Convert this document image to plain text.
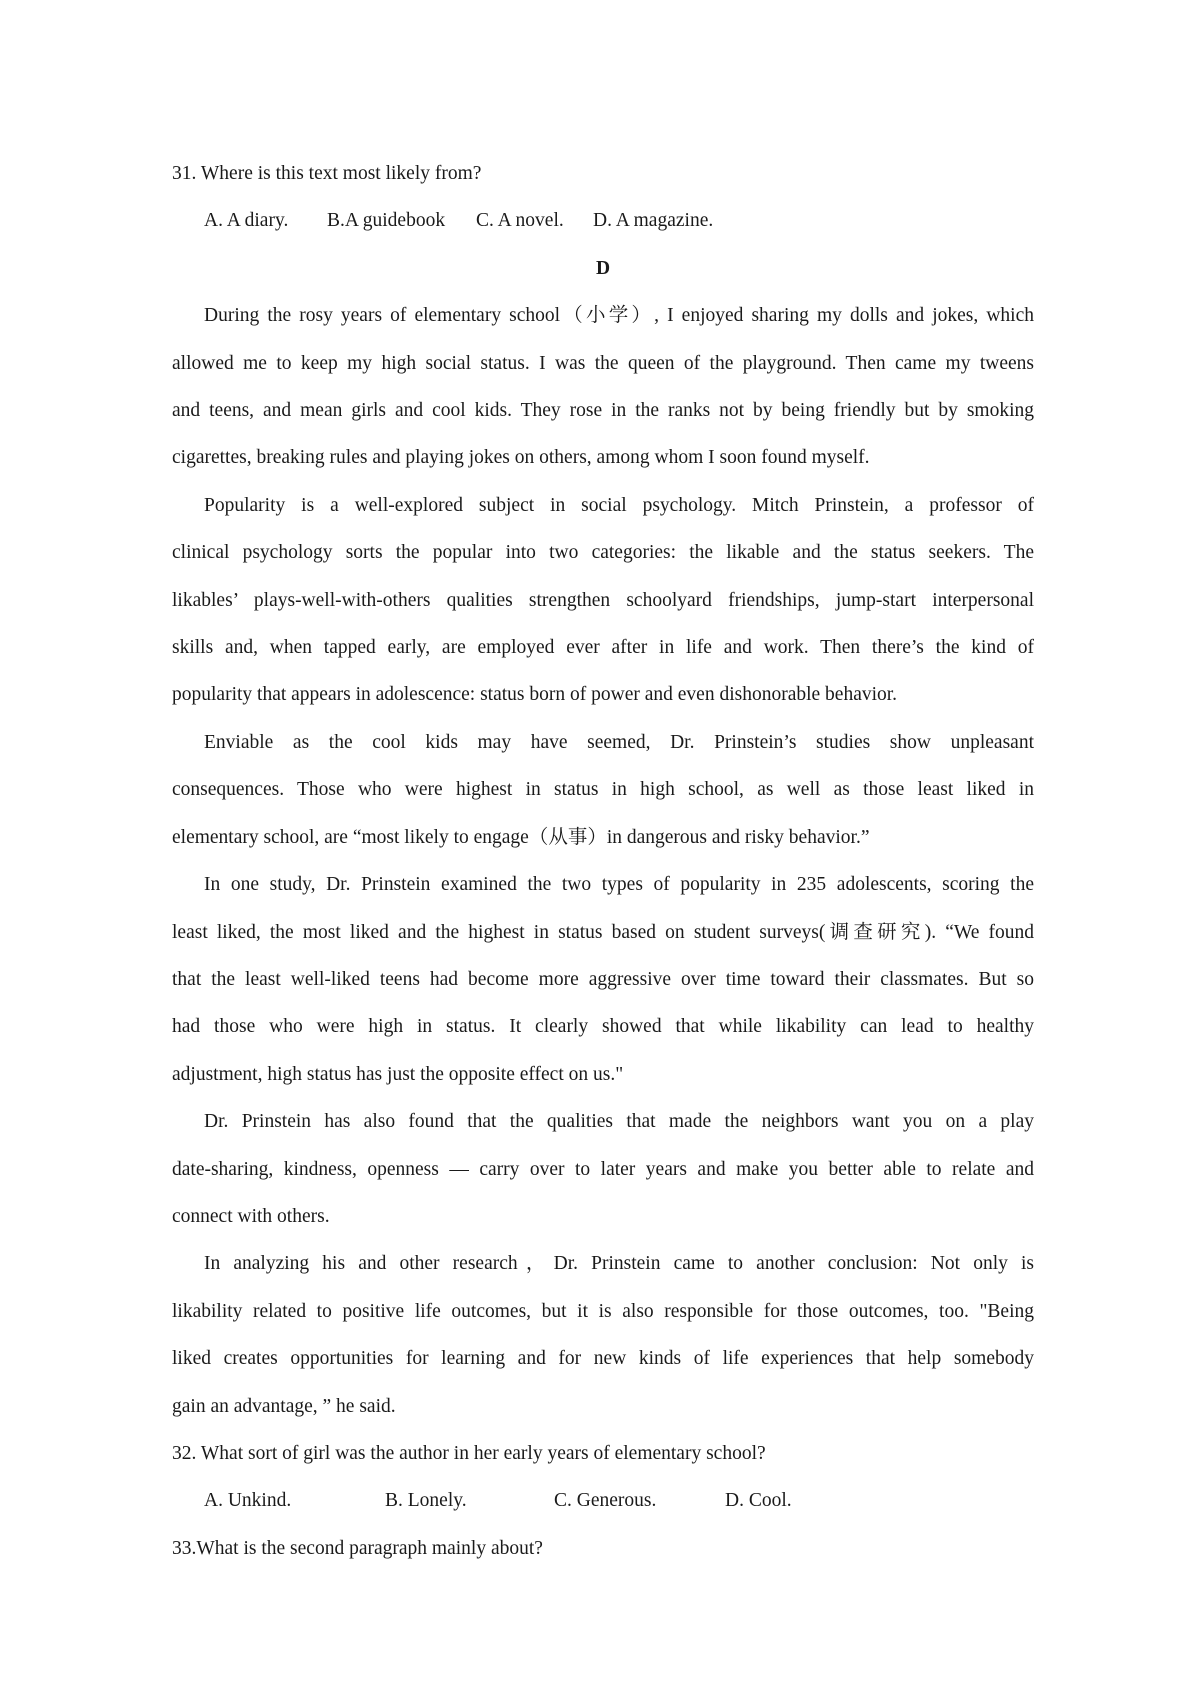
31. Where is this text most likely from?
A. A diary. B.A guidebook C. A novel. D. A magazine.
D
During the rosy years of elementary school（小学）, I enjoyed sharing my dolls and jokes, which
allowed me to keep my high social status. I was the queen of the playground. Then came my tweens
and teens, and mean girls and cool kids. They rose in the ranks not by being friendly but by smoking
cigarettes, breaking rules and playing jokes on others, among whom I soon found myself.
Popularity is a well-explored subject in social psychology. Mitch Prinstein, a professor of
clinical psychology sorts the popular into two categories: the likable and the status seekers. The
likables’ plays-well-with-others qualities strengthen schoolyard friendships, jump-start interpersonal
skills and, when tapped early, are employed ever after in life and work. Then there’s the kind of
popularity that appears in adolescence: status born of power and even dishonorable behavior.
Enviable as the cool kids may have seemed, Dr. Prinstein’s studies show unpleasant
consequences. Those who were highest in status in high school, as well as those least liked in
elementary school, are “most likely to engage（从事）in dangerous and risky behavior.”
In one study, Dr. Prinstein examined the two types of popularity in 235 adolescents, scoring the
least liked, the most liked and the highest in status based on student surveys(调查研究). “We found
that the least well-liked teens had become more aggressive over time toward their classmates. But so
had those who were high in status. It clearly showed that while likability can lead to healthy
adjustment, high status has just the opposite effect on us."
Dr. Prinstein has also found that the qualities that made the neighbors want you on a play
date-sharing, kindness, openness — carry over to later years and make you better able to relate and
connect with others.
In analyzing his and other research，Dr. Prinstein came to another conclusion: Not only is
likability related to positive life outcomes, but it is also responsible for those outcomes, too. "Being
liked creates opportunities for learning and for new kinds of life experiences that help somebody
gain an advantage, ” he said.
32. What sort of girl was the author in her early years of elementary school?
A. Unkind.	B. Lonely.	C. Generous.	D. Cool.
33.What is the second paragraph mainly about?
